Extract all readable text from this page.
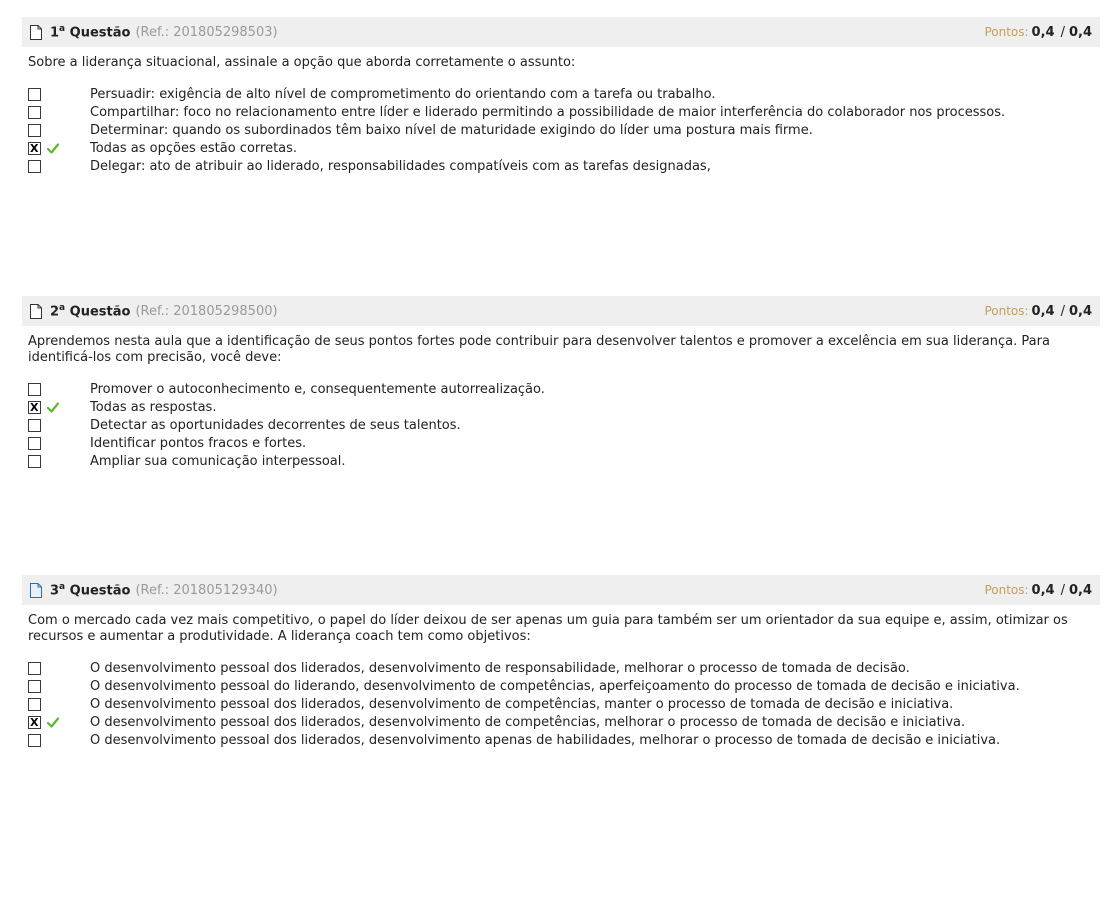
1$^a$ Questão (Ref.: 201805298503)	Pontos: 0,4 / 0,4
Sobre a liderança situacional, assinale a opção que aborda corretamente o assunto:
Persuadir: exigência de alto nível de comprometimento do orientando com a tarefa ou trabalho.
Compartilhar: foco no relacionamento entre líder e liderado permitindo a possibilidade de maior interferência do colaborador nos processos.
Determinar: quando os subordinados têm baixo nível de maturidade exigindo do líder uma postura mais firme.
X
Todas as opções estão corretas.
Delegar: ato de atribuir ao liderado, responsabilidades compatíveis com as tarefas designadas,
2$^a$ Questão (Ref.: 201805298500)	Pontos: 0,4 / 0,4
Aprendemos nesta aula que a identificação de seus pontos fortes pode contribuir para desenvolver talentos e promover a excelência em sua liderança. Para identificá-los com precisão, você deve:
Promover o autoconhecimento e, consequentemente autorrealização.
X
Todas as respostas.
Detectar as oportunidades decorrentes de seus talentos.
Identificar pontos fracos e fortes.
Ampliar sua comunicação interpessoal.
3$^a$ Questão (Ref.: 201805129340)	Pontos: 0,4 / 0,4
Com o mercado cada vez mais competitivo, o papel do líder deixou de ser apenas um guia para também ser um orientador da sua equipe e, assim, otimizar os recursos e aumentar a produtividade. A liderança coach tem como objetivos:
O desenvolvimento pessoal dos liderados, desenvolvimento de responsabilidade, melhorar o processo de tomada de decisão.
O desenvolvimento pessoal do liderando, desenvolvimento de competências, aperfeiçoamento do processo de tomada de decisão e iniciativa.
O desenvolvimento pessoal dos liderados, desenvolvimento de competências, manter o processo de tomada de decisão e iniciativa.
X
O desenvolvimento pessoal dos liderados, desenvolvimento de competências, melhorar o processo de tomada de decisão e iniciativa.
O desenvolvimento pessoal dos liderados, desenvolvimento apenas de habilidades, melhorar o processo de tomada de decisão e iniciativa.
